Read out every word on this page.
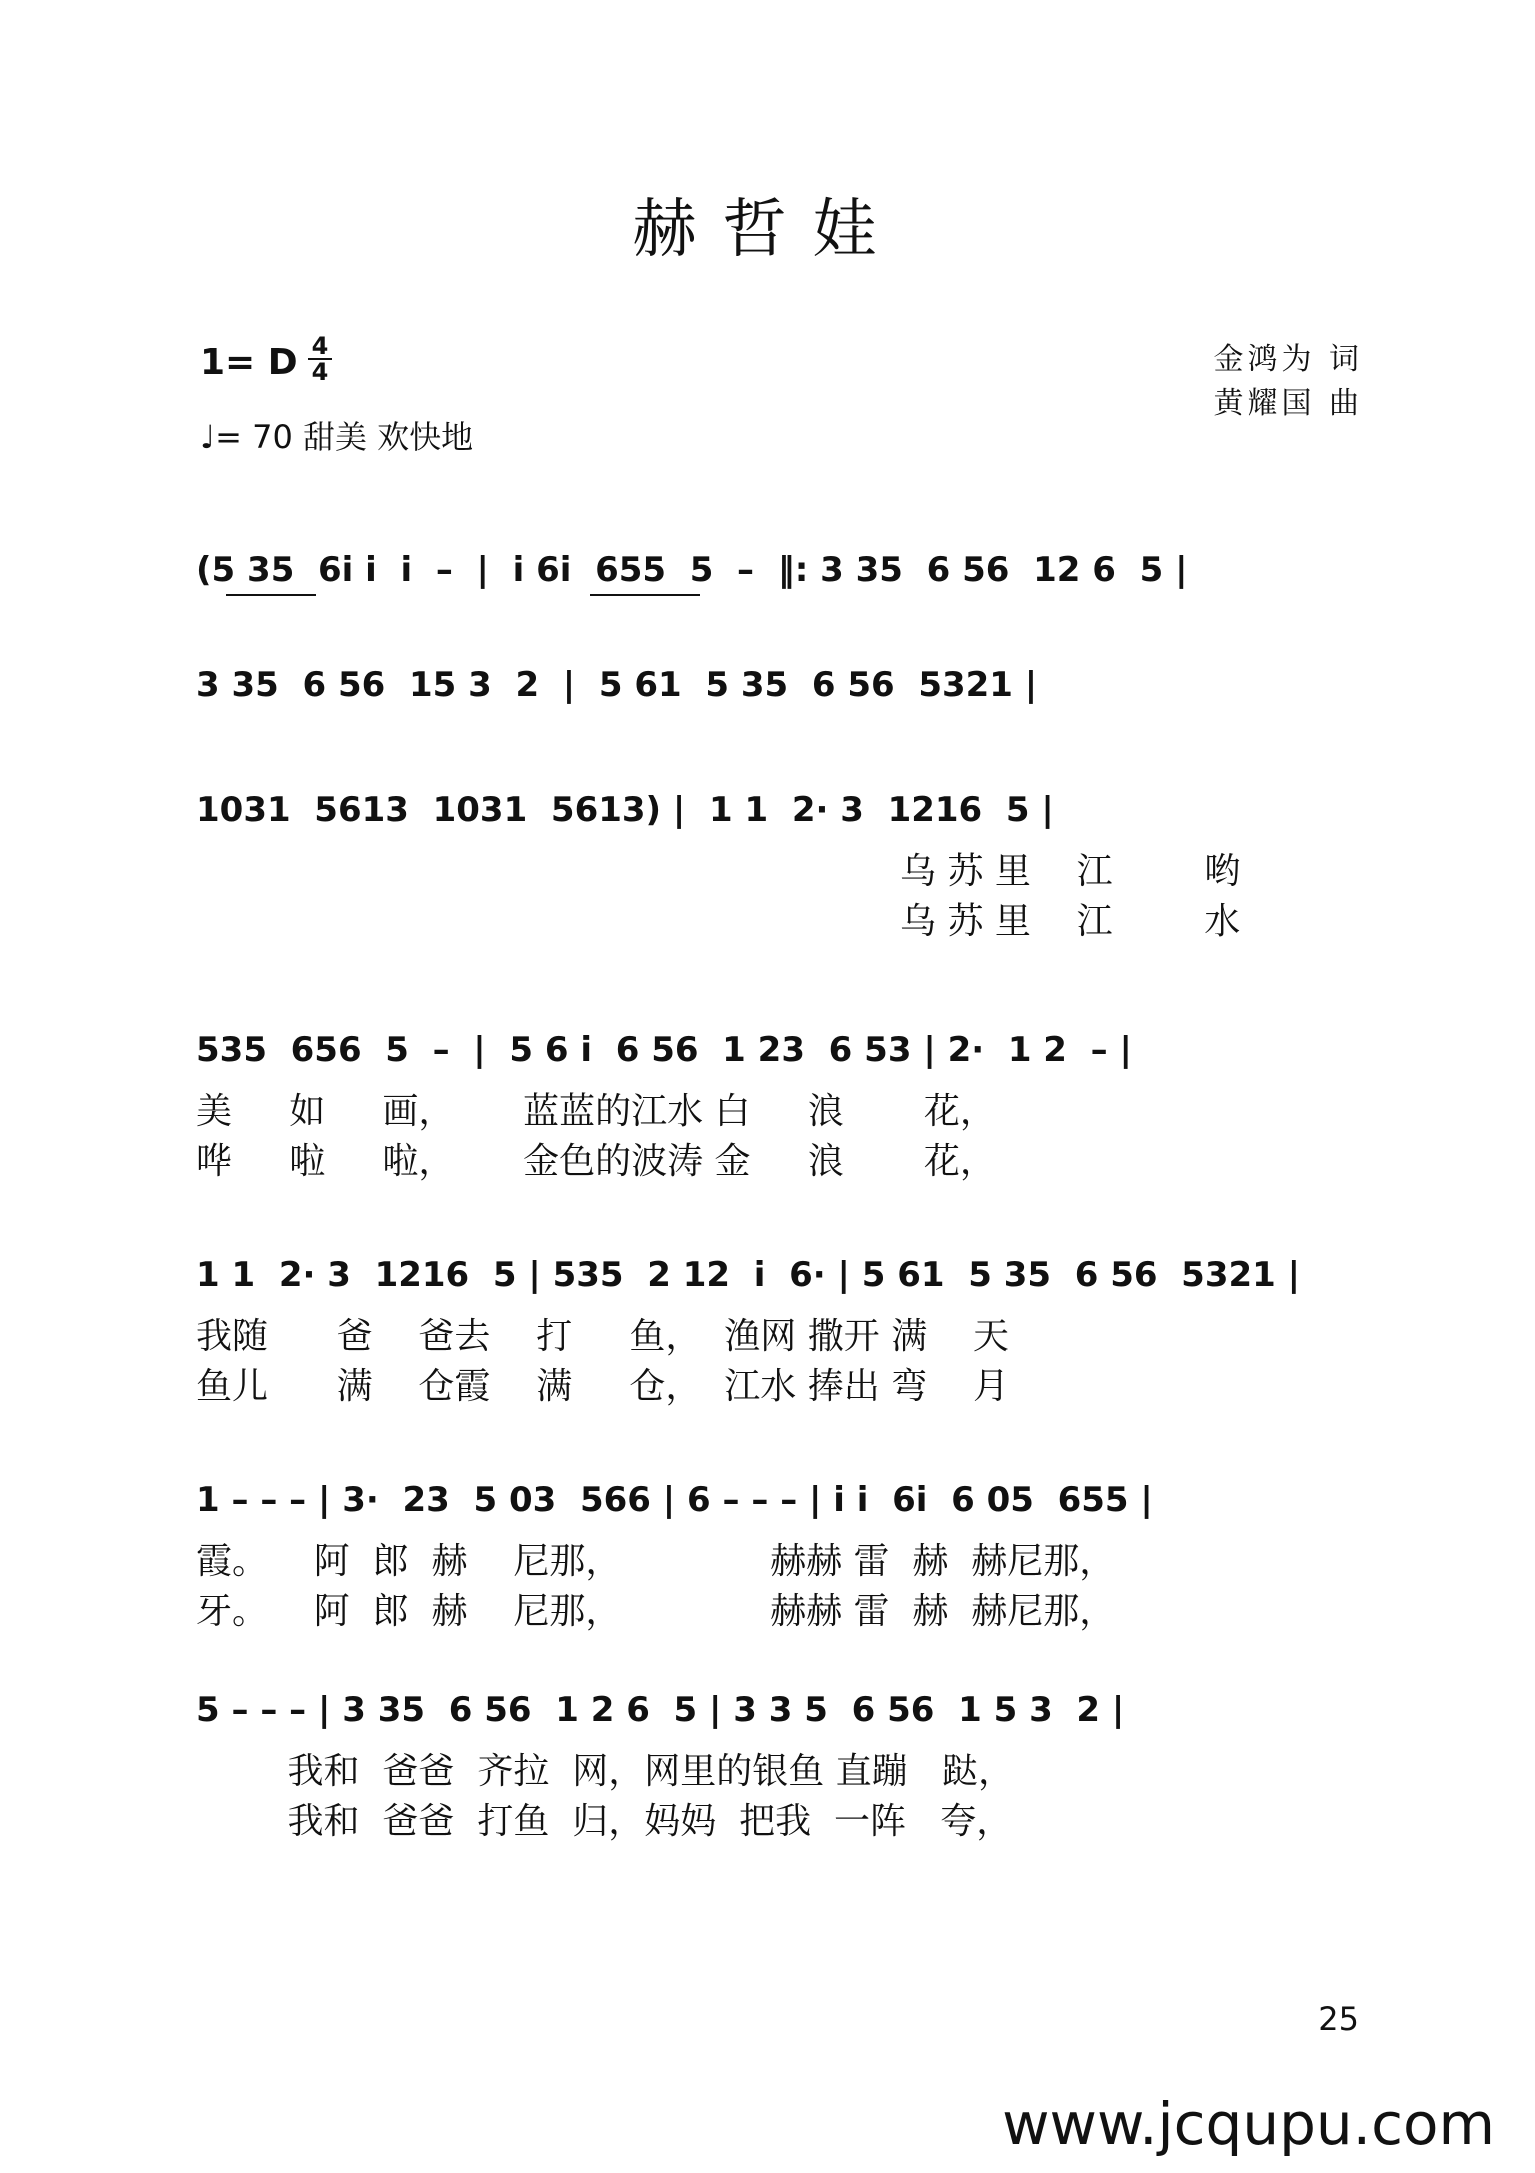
赫哲娃
1= D 4
4
♩= 70 甜美 欢快地
金鸿为 词
黄耀国 曲
(5 35  6i i  i  –  |  i 6i  655  5  –  ‖: 3 35  6 56  12 6  5 |
3 35  6 56  15 3  2  |  5 61  5 35  6 56  5321 |
1031  5613  1031  5613) |  1 1  2· 3  1216  5 |
乌 苏 里    江        哟
乌 苏 里    江        水
535  656  5  –  |  5 6 i  6 56  1 23  6 53 | 2·  1 2  – |
美     如     画，      蓝蓝的江水 白     浪       花，
哗     啦     啦，      金色的波涛 金     浪       花，
1 1  2· 3  1216  5 | 535  2 12  i  6· | 5 61  5 35  6 56  5321 |
我随      爸    爸去    打     鱼，  渔网 撒开 满    天
鱼儿      满    仓霞    满     仓，  江水 捧出 弯    月
1 – – – | 3·  23  5 03  566 | 6 – – – | i i  6i  6 05  655 |
霞。    阿  郎  赫    尼那，             赫赫 雷  赫  赫尼那，
牙。    阿  郎  赫    尼那，             赫赫 雷  赫  赫尼那，
5 – – – | 3 35  6 56  1 2 6  5 | 3 3 5  6 56  1 5 3  2 |
我和  爸爸  齐拉  网，网里的银鱼 直蹦   跶，
我和  爸爸  打鱼  归，妈妈  把我  一阵   夸，
25
www.jcqupu.com
